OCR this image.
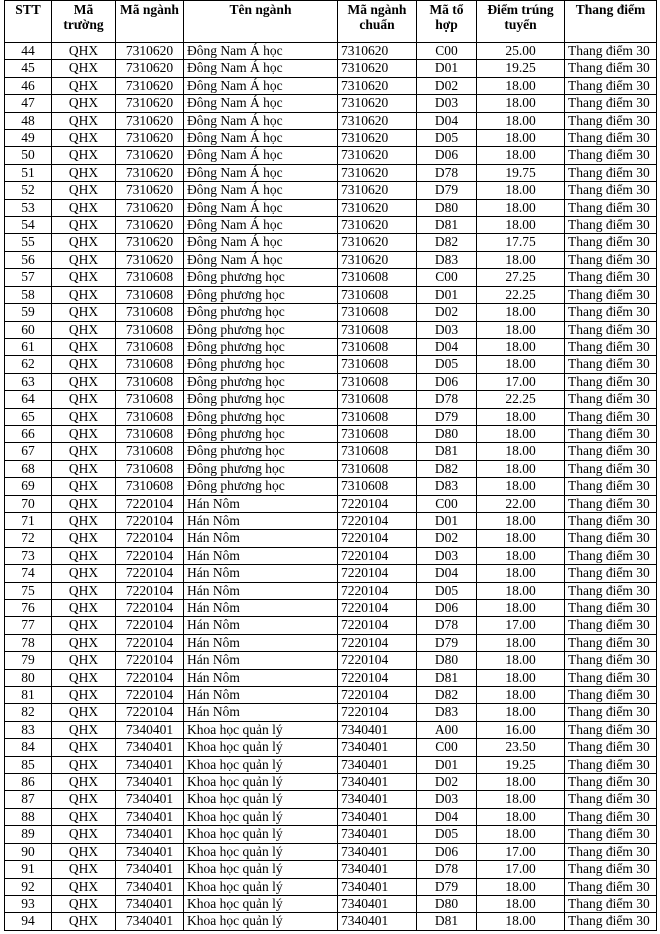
STT	Mã trường	Mã ngành	Tên ngành	Mã ngành chuẩn	Mã tổ hợp	Điểm trúng tuyển	Thang điểm
44	QHX	7310620	Đông Nam Á học	7310620	C00	25.00	Thang điểm 30
45	QHX	7310620	Đông Nam Á học	7310620	D01	19.25	Thang điểm 30
46	QHX	7310620	Đông Nam Á học	7310620	D02	18.00	Thang điểm 30
47	QHX	7310620	Đông Nam Á học	7310620	D03	18.00	Thang điểm 30
48	QHX	7310620	Đông Nam Á học	7310620	D04	18.00	Thang điểm 30
49	QHX	7310620	Đông Nam Á học	7310620	D05	18.00	Thang điểm 30
50	QHX	7310620	Đông Nam Á học	7310620	D06	18.00	Thang điểm 30
51	QHX	7310620	Đông Nam Á học	7310620	D78	19.75	Thang điểm 30
52	QHX	7310620	Đông Nam Á học	7310620	D79	18.00	Thang điểm 30
53	QHX	7310620	Đông Nam Á học	7310620	D80	18.00	Thang điểm 30
54	QHX	7310620	Đông Nam Á học	7310620	D81	18.00	Thang điểm 30
55	QHX	7310620	Đông Nam Á học	7310620	D82	17.75	Thang điểm 30
56	QHX	7310620	Đông Nam Á học	7310620	D83	18.00	Thang điểm 30
57	QHX	7310608	Đông phương học	7310608	C00	27.25	Thang điểm 30
58	QHX	7310608	Đông phương học	7310608	D01	22.25	Thang điểm 30
59	QHX	7310608	Đông phương học	7310608	D02	18.00	Thang điểm 30
60	QHX	7310608	Đông phương học	7310608	D03	18.00	Thang điểm 30
61	QHX	7310608	Đông phương học	7310608	D04	18.00	Thang điểm 30
62	QHX	7310608	Đông phương học	7310608	D05	18.00	Thang điểm 30
63	QHX	7310608	Đông phương học	7310608	D06	17.00	Thang điểm 30
64	QHX	7310608	Đông phương học	7310608	D78	22.25	Thang điểm 30
65	QHX	7310608	Đông phương học	7310608	D79	18.00	Thang điểm 30
66	QHX	7310608	Đông phương học	7310608	D80	18.00	Thang điểm 30
67	QHX	7310608	Đông phương học	7310608	D81	18.00	Thang điểm 30
68	QHX	7310608	Đông phương học	7310608	D82	18.00	Thang điểm 30
69	QHX	7310608	Đông phương học	7310608	D83	18.00	Thang điểm 30
70	QHX	7220104	Hán Nôm	7220104	C00	22.00	Thang điểm 30
71	QHX	7220104	Hán Nôm	7220104	D01	18.00	Thang điểm 30
72	QHX	7220104	Hán Nôm	7220104	D02	18.00	Thang điểm 30
73	QHX	7220104	Hán Nôm	7220104	D03	18.00	Thang điểm 30
74	QHX	7220104	Hán Nôm	7220104	D04	18.00	Thang điểm 30
75	QHX	7220104	Hán Nôm	7220104	D05	18.00	Thang điểm 30
76	QHX	7220104	Hán Nôm	7220104	D06	18.00	Thang điểm 30
77	QHX	7220104	Hán Nôm	7220104	D78	17.00	Thang điểm 30
78	QHX	7220104	Hán Nôm	7220104	D79	18.00	Thang điểm 30
79	QHX	7220104	Hán Nôm	7220104	D80	18.00	Thang điểm 30
80	QHX	7220104	Hán Nôm	7220104	D81	18.00	Thang điểm 30
81	QHX	7220104	Hán Nôm	7220104	D82	18.00	Thang điểm 30
82	QHX	7220104	Hán Nôm	7220104	D83	18.00	Thang điểm 30
83	QHX	7340401	Khoa học quản lý	7340401	A00	16.00	Thang điểm 30
84	QHX	7340401	Khoa học quản lý	7340401	C00	23.50	Thang điểm 30
85	QHX	7340401	Khoa học quản lý	7340401	D01	19.25	Thang điểm 30
86	QHX	7340401	Khoa học quản lý	7340401	D02	18.00	Thang điểm 30
87	QHX	7340401	Khoa học quản lý	7340401	D03	18.00	Thang điểm 30
88	QHX	7340401	Khoa học quản lý	7340401	D04	18.00	Thang điểm 30
89	QHX	7340401	Khoa học quản lý	7340401	D05	18.00	Thang điểm 30
90	QHX	7340401	Khoa học quản lý	7340401	D06	17.00	Thang điểm 30
91	QHX	7340401	Khoa học quản lý	7340401	D78	17.00	Thang điểm 30
92	QHX	7340401	Khoa học quản lý	7340401	D79	18.00	Thang điểm 30
93	QHX	7340401	Khoa học quản lý	7340401	D80	18.00	Thang điểm 30
94	QHX	7340401	Khoa học quản lý	7340401	D81	18.00	Thang điểm 30
